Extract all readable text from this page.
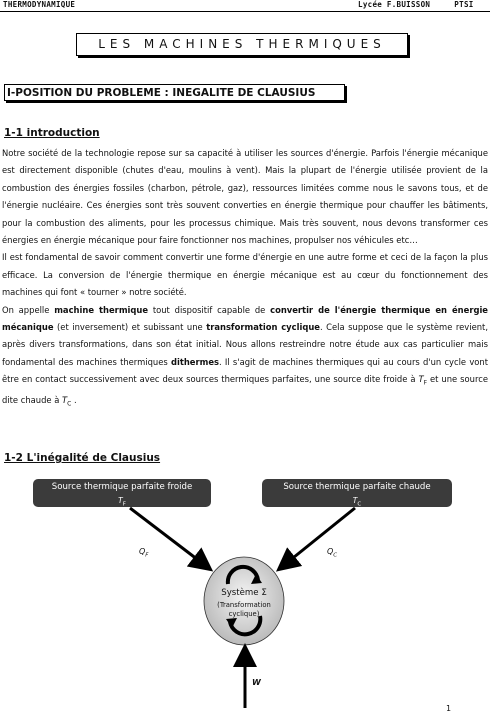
THERMODYNAMIQUE	Lycée F.BUISSON     PTSI
LES MACHINES THERMIQUES
I-POSITION DU PROBLEME : INEGALITE DE CLAUSIUS
1-1 introduction

Notre société de la technologie repose sur sa capacité à utiliser les sources d'énergie. Parfois l'énergie mécanique est directement disponible (chutes d'eau, moulins à vent). Mais la plupart de l'énergie utilisée provient de la combustion des énergies fossiles (charbon, pétrole, gaz), ressources limitées comme nous le savons tous, et de l'énergie nucléaire. Ces énergies sont très souvent converties en énergie thermique pour chauffer les bâtiments, pour la combustion des aliments, pour les processus chimique. Mais très souvent, nous devons transformer ces énergies en énergie mécanique pour faire fonctionner nos machines, propulser nos véhicules etc…

Il est fondamental de savoir comment convertir une forme d'énergie en une autre forme et ceci de la façon la plus efficace. La conversion de l'énergie thermique en énergie mécanique est au cœur du fonctionnement des machines qui font « tourner » notre société.

On appelle machine thermique tout dispositif capable de convertir de l'énergie thermique en énergie mécanique (et inversement) et subissant une transformation cyclique. Cela suppose que le système revient, après divers transformations, dans son état initial. Nous allons restreindre notre étude aux cas particulier mais fondamental des machines thermiques dithermes. Il s'agit de machines thermiques qui au cours d'un cycle vont être en contact successivement avec deux sources thermiques parfaites, une source dite froide à $T_F$ et une source dite chaude à $T_C$ .

1-2 L'inégalité de Clausius
Source thermique parfaite froide
$T_F$
Source thermique parfaite chaude
$T_C$
$Q_F$	$Q_C$
Système Σ
(Transformation
cyclique)
W
1
